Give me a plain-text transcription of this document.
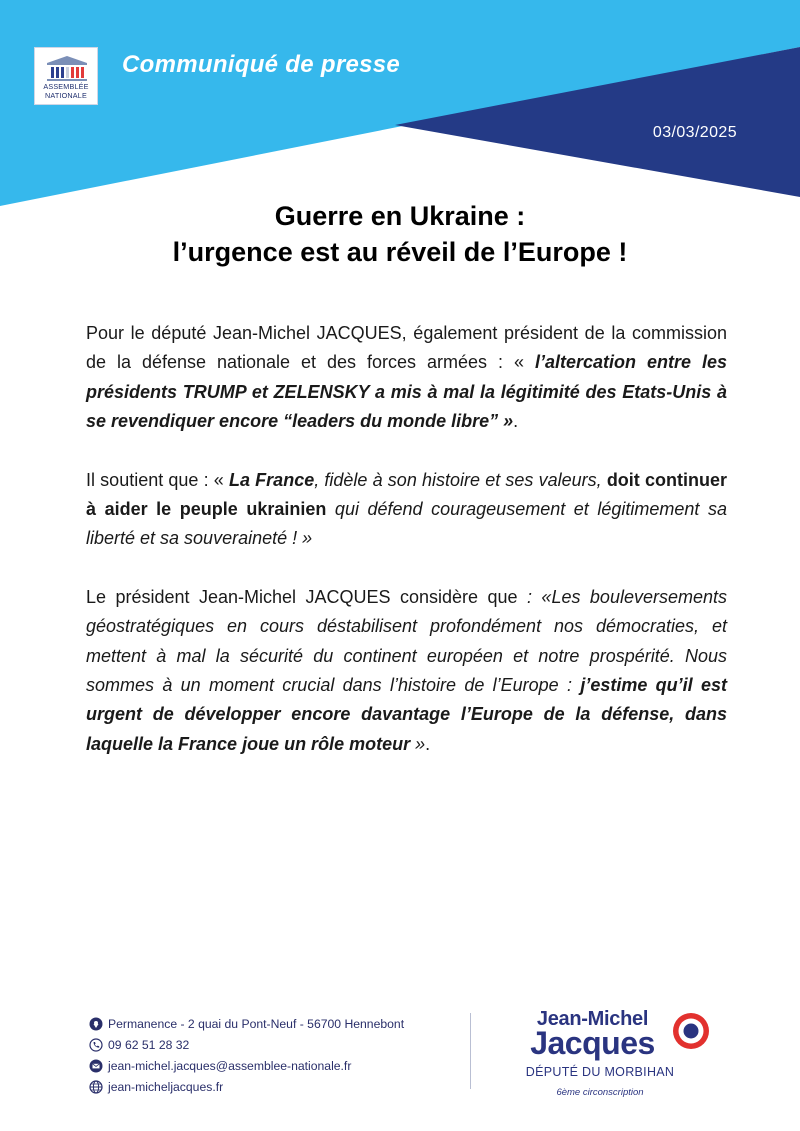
ASSEMBLÉE
NATIONALE
Communiqué de presse
03/03/2025
Guerre en Ukraine :
l’urgence est au réveil de l’Europe !

Pour le député Jean-Michel JACQUES, également président de la commission de la défense nationale et des forces armées : « l’altercation entre les présidents TRUMP et ZELENSKY a mis à mal la légitimité des Etats-Unis à se revendiquer encore “leaders du monde libre” ».

Il soutient que : « La France, fidèle à son histoire et ses valeurs, doit continuer à aider le peuple ukrainien qui défend courageusement et légitimement sa liberté et sa souveraineté ! »

Le président Jean-Michel JACQUES considère que : «Les bouleversements géostratégiques en cours déstabilisent profondément nos démocraties, et mettent à mal la sécurité du continent européen et notre prospérité. Nous sommes à un moment crucial dans l’histoire de l’Europe : j’estime qu’il est urgent de développer encore davantage l’Europe de la défense, dans laquelle la France joue un rôle moteur ».

Permanence - 2 quai du Pont-Neuf - 56700 Hennebont
09 62 51 28 32
jean-michel.jacques@assemblee-nationale.fr
jean-micheljacques.fr
Jean-Michel
Jacques
DÉPUTÉ DU MORBIHAN
6ème circonscription
